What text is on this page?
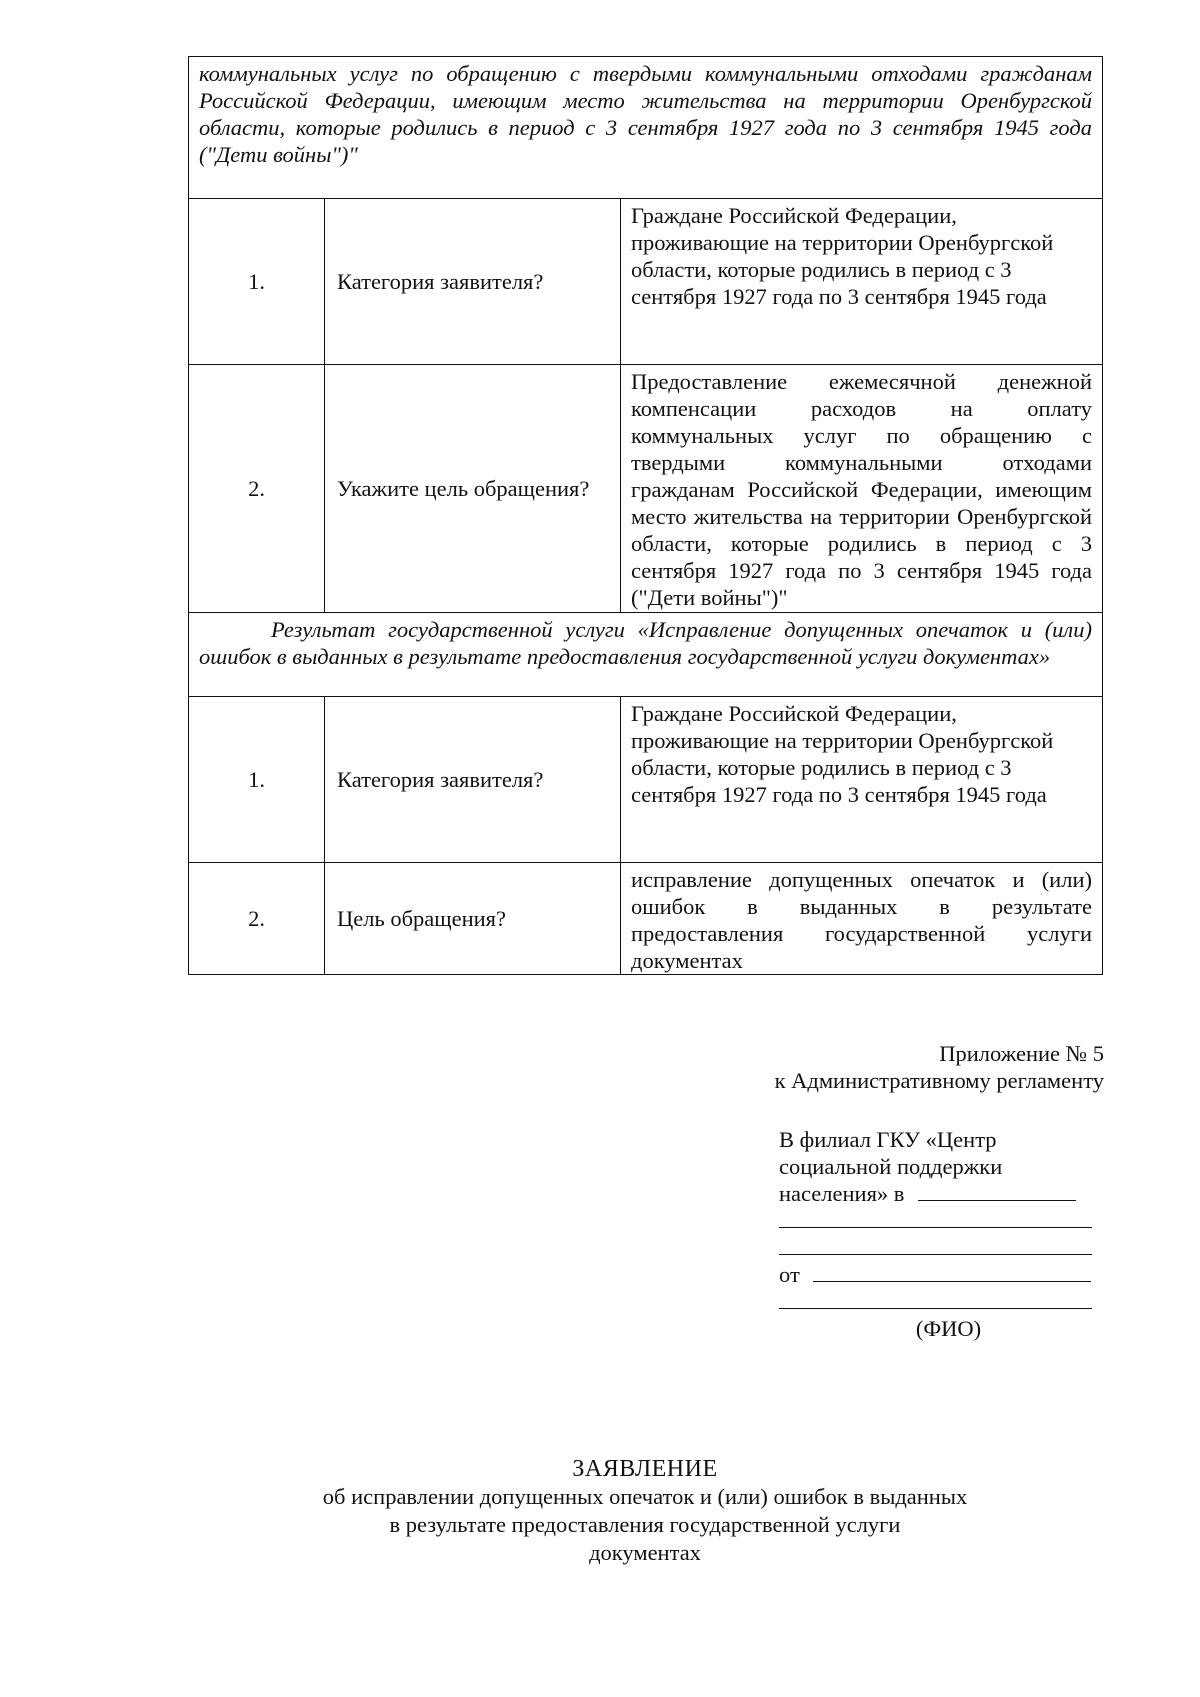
коммунальных услуг по обращению с твердыми коммунальными отходами гражданам Российской Федерации, имеющим место жительства на территории Оренбургской области, которые родились в период с 3 сентября 1927 года по 3 сентября 1945 года ("Дети войны")"		
1.	Категория заявителя?	Граждане Российской Федерации, проживающие на территории Оренбургской области, которые родились в период с 3 сентября 1927 года по 3 сентября 1945 года
2.	Укажите цель обращения?	Предоставление ежемесячной денежной компенсации расходов на оплату коммунальных услуг по обращению с твердыми коммунальными отходами гражданам Российской Федерации, имеющим место жительства на территории Оренбургской области, которые родились в период с 3 сентября 1927 года по 3 сентября 1945 года ("Дети войны")"
Результат государственной услуги «Исправление допущенных опечаток и (или) ошибок в выданных в результате предоставления государственной услуги документах»		
1.	Категория заявителя?	Граждане Российской Федерации, проживающие на территории Оренбургской области, которые родились в период с 3 сентября 1927 года по 3 сентября 1945 года
2.	Цель обращения?	исправление допущенных опечаток и (или) ошибок в выданных в результате предоставления государственной услуги документах
Приложение № 5
к Административному регламенту
В филиал ГКУ «Центр
социальной поддержки
населения» в
от
(ФИО)
ЗАЯВЛЕНИЕ
об исправлении допущенных опечаток и (или) ошибок в выданных
в результате предоставления государственной услуги
документах
